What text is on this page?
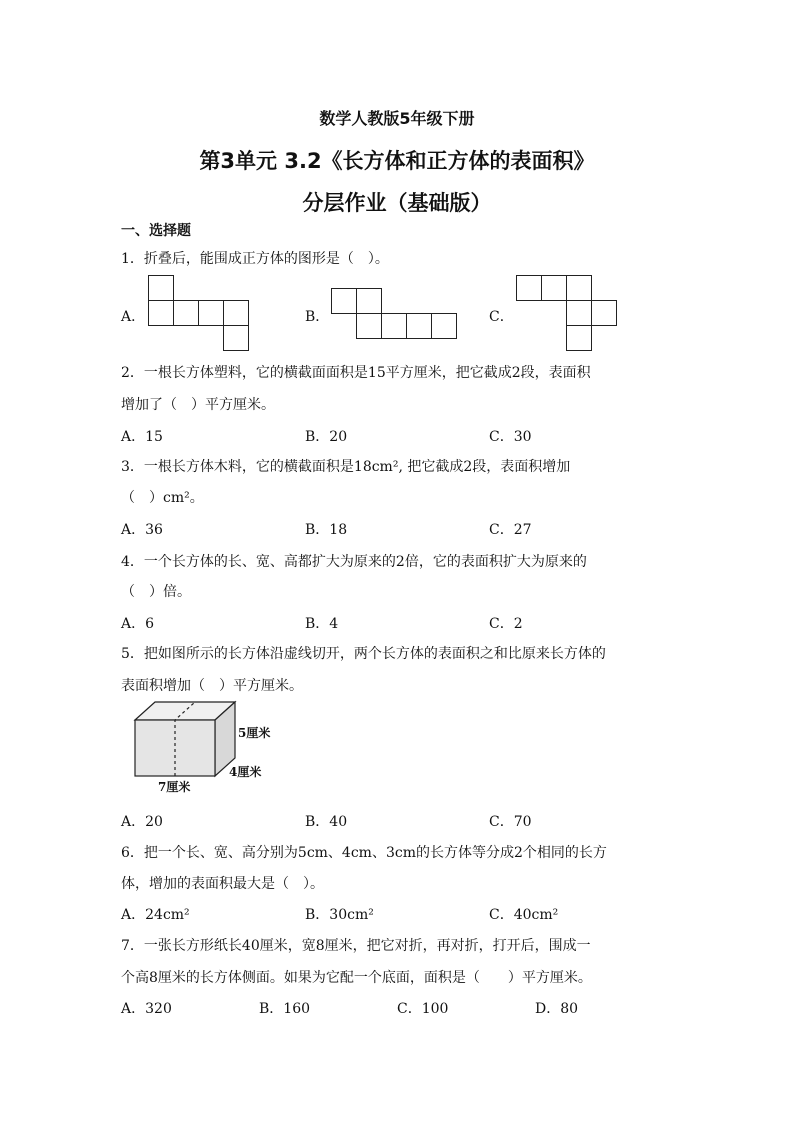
数学人教版5年级下册
第3单元 3.2《长方体和正方体的表面积》
分层作业（基础版）
一、选择题
1．折叠后，能围成正方体的图形是（　）。
A．	B．	C．
2．一根长方体塑料，它的横截面面积是15平方厘米，把它截成2段，表面积
增加了（　）平方厘米。
A．15	B．20	C．30
3．一根长方体木料，它的横截面积是18cm², 把它截成2段，表面积增加
（　）cm²。
A．36	B．18	C．27
4．一个长方体的长、宽、高都扩大为原来的2倍，它的表面积扩大为原来的
（　）倍。
A．6	B．4	C．2
5．把如图所示的长方体沿虚线切开，两个长方体的表面积之和比原来长方体的
表面积增加（　）平方厘米。
5厘米
4厘米
7厘米
A．20	B．40	C．70
6．把一个长、宽、高分别为5cm、4cm、3cm的长方体等分成2个相同的长方
体，增加的表面积最大是（　）。
A．24cm²	B．30cm²	C．40cm²
7．一张长方形纸长40厘米，宽8厘米，把它对折，再对折，打开后，围成一
个高8厘米的长方体侧面。如果为它配一个底面，面积是（　　）平方厘米。
A．320	B．160	C．100	D．80
